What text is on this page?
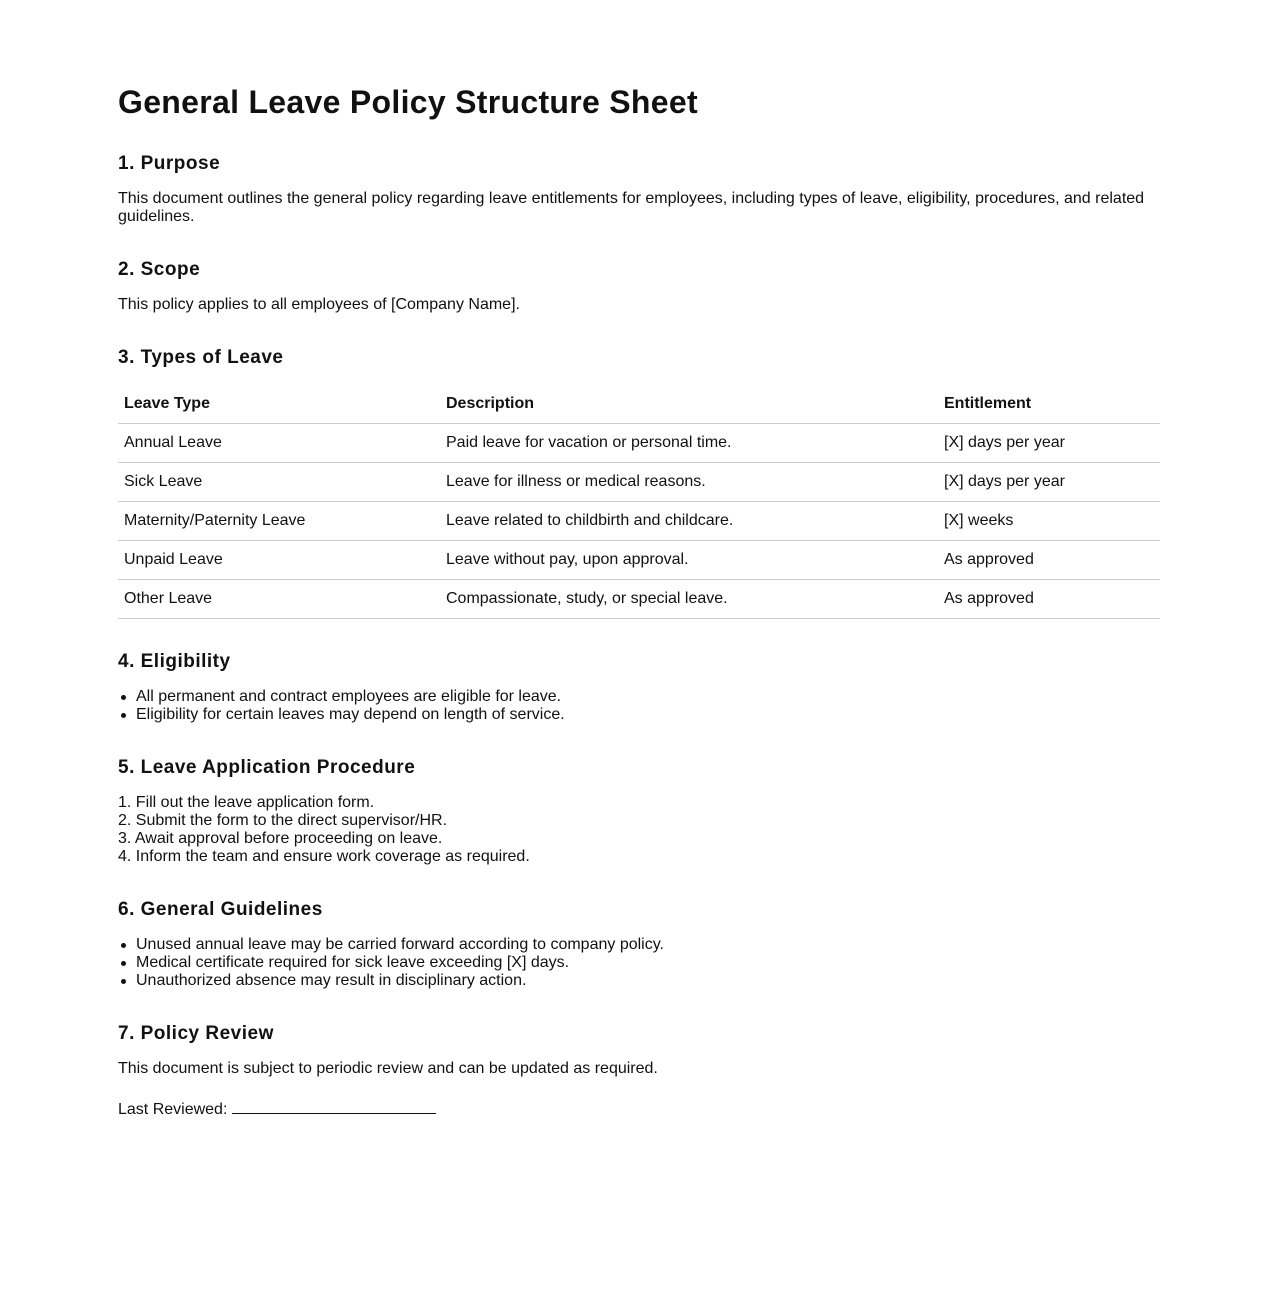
General Leave Policy Structure Sheet
1. Purpose

This document outlines the general policy regarding leave entitlements for employees, including types of leave, eligibility, procedures, and related guidelines.

2. Scope

This policy applies to all employees of [Company Name].

3. Types of Leave
Leave Type	Description	Entitlement
Annual Leave	Paid leave for vacation or personal time.	[X] days per year
Sick Leave	Leave for illness or medical reasons.	[X] days per year
Maternity/Paternity Leave	Leave related to childbirth and childcare.	[X] weeks
Unpaid Leave	Leave without pay, upon approval.	As approved
Other Leave	Compassionate, study, or special leave.	As approved
4. Eligibility
All permanent and contract employees are eligible for leave.
Eligibility for certain leaves may depend on length of service.
5. Leave Application Procedure
1. Fill out the leave application form.
2. Submit the form to the direct supervisor/HR.
3. Await approval before proceeding on leave.
4. Inform the team and ensure work coverage as required.
6. General Guidelines
Unused annual leave may be carried forward according to company policy.
Medical certificate required for sick leave exceeding [X] days.
Unauthorized absence may result in disciplinary action.
7. Policy Review

This document is subject to periodic review and can be updated as required.

Last Reviewed:
